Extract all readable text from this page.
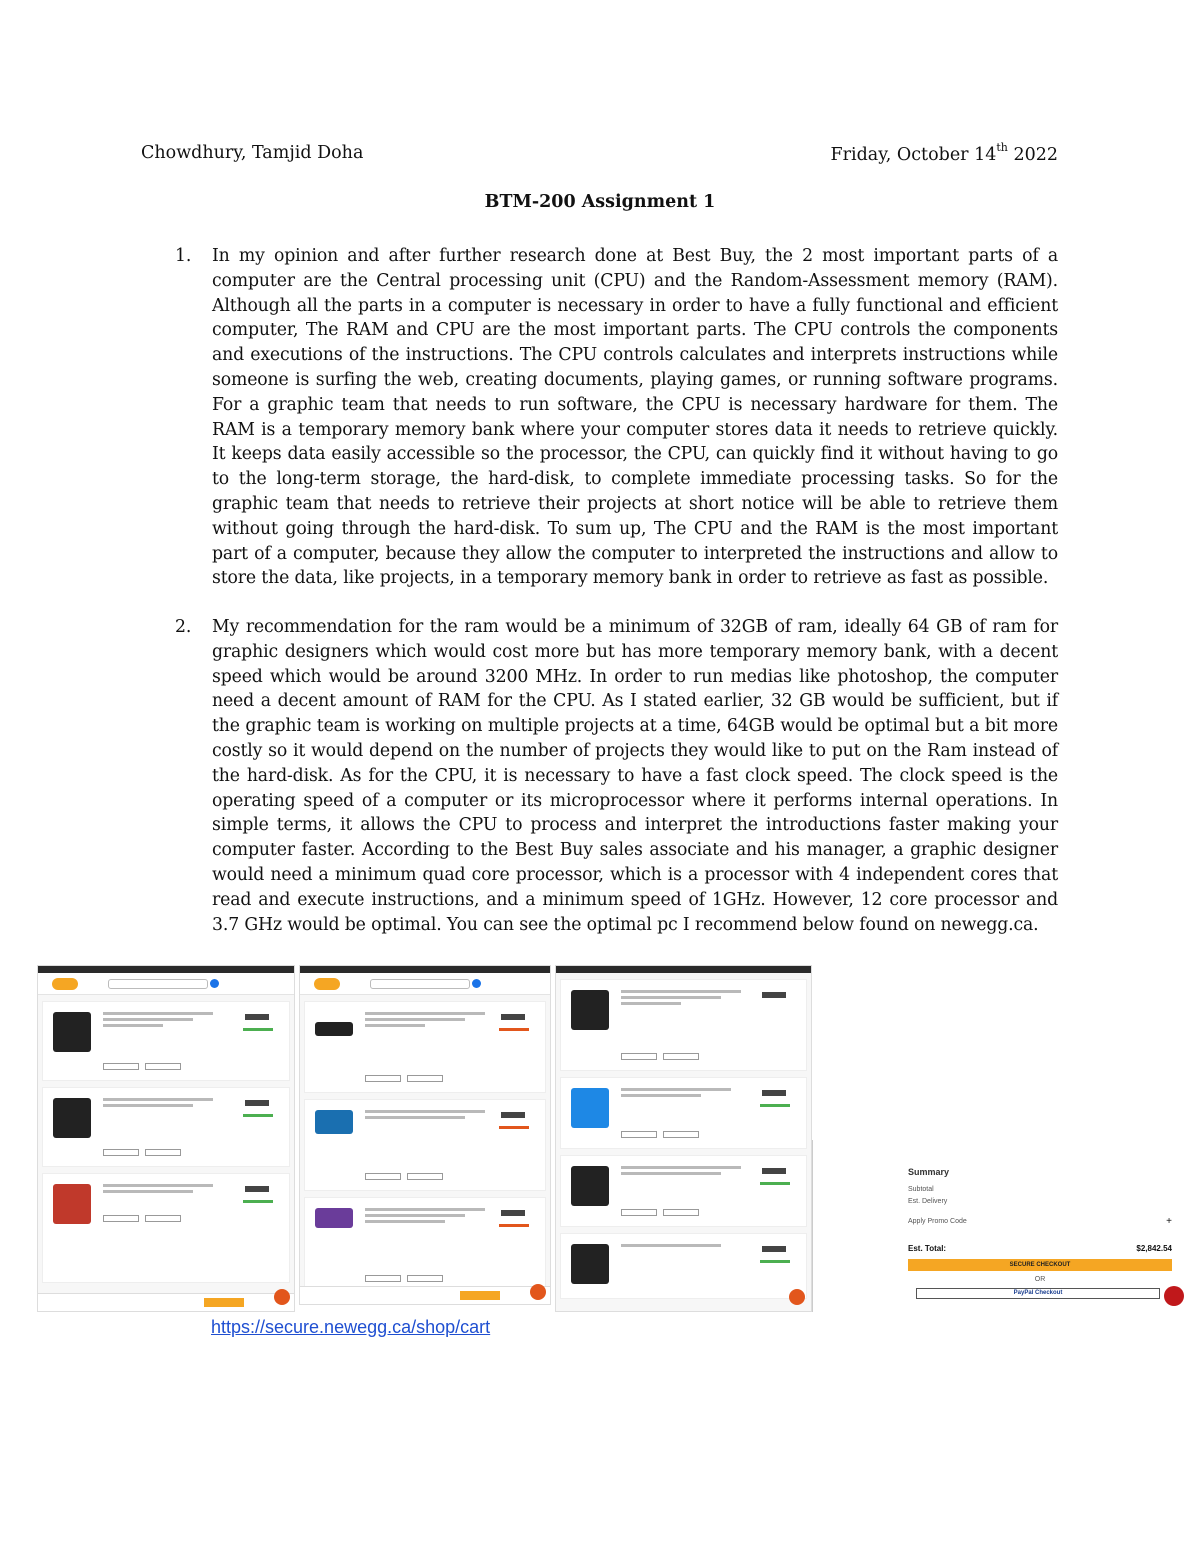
Chowdhury, Tamjid Doha	Friday, October 14th 2022
BTM-200 Assignment 1
1. In my opinion and after further research done at Best Buy, the 2 most important parts of a computer are the Central processing unit (CPU) and the Random-Assessment memory (RAM). Although all the parts in a computer is necessary in order to have a fully functional and efficient computer, The RAM and CPU are the most important parts. The CPU controls the components and executions of the instructions. The CPU controls calculates and interprets instructions while someone is surfing the web, creating documents, playing games, or running software programs. For a graphic team that needs to run software, the CPU is necessary hardware for them. The RAM is a temporary memory bank where your computer stores data it needs to retrieve quickly. It keeps data easily accessible so the processor, the CPU, can quickly find it without having to go to the long-term storage, the hard-disk, to complete immediate processing tasks. So for the graphic team that needs to retrieve their projects at short notice will be able to retrieve them without going through the hard-disk. To sum up, The CPU and the RAM is the most important part of a computer, because they allow the computer to interpreted the instructions and allow to store the data, like projects, in a temporary memory bank in order to retrieve as fast as possible.

2. My recommendation for the ram would be a minimum of 32GB of ram, ideally 64 GB of ram for graphic designers which would cost more but has more temporary memory bank, with a decent speed which would be around 3200 MHz. In order to run medias like photoshop, the computer need a decent amount of RAM for the CPU. As I stated earlier, 32 GB would be sufficient, but if the graphic team is working on multiple projects at a time, 64GB would be optimal but a bit more costly so it would depend on the number of projects they would like to put on the Ram instead of the hard-disk. As for the CPU, it is necessary to have a fast clock speed. The clock speed is the operating speed of a computer or its microprocessor where it performs internal operations. In simple terms, it allows the CPU to process and interpret the introductions faster making your computer faster. According to the Best Buy sales associate and his manager, a graphic designer would need a minimum quad core processor, which is a processor with 4 independent cores that read and execute instructions, and a minimum speed of 1GHz. However, 12 core processor and 3.7 GHz would be optimal. You can see the optimal pc I recommend below found on newegg.ca.

Summary
Subtotal
Est. Delivery
Apply Promo Code	+
Est. Total:	$2,842.54
SECURE CHECKOUT
OR
PayPal Checkout
https://secure.newegg.ca/shop/cart
